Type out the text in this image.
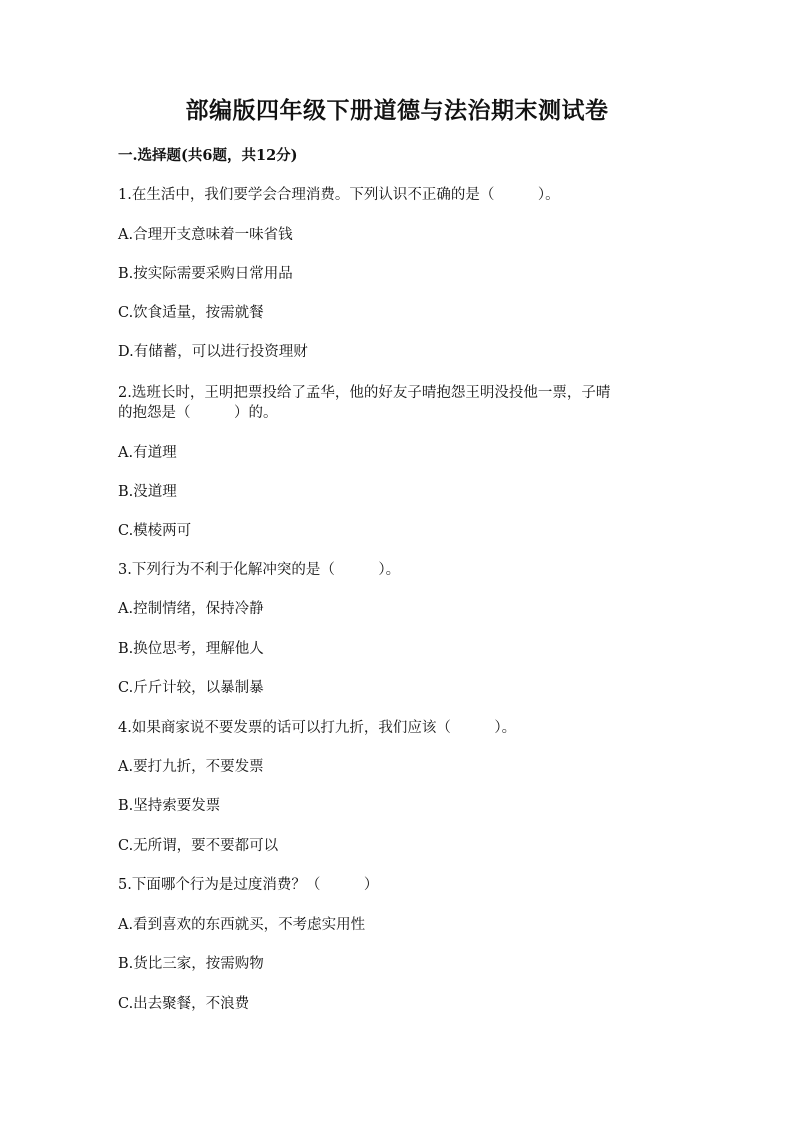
部编版四年级下册道德与法治期末测试卷
一.选择题(共6题，共12分)
1.在生活中，我们要学会合理消费。下列认识不正确的是（　　　）。
A.合理开支意味着一味省钱
B.按实际需要采购日常用品
C.饮食适量，按需就餐
D.有储蓄，可以进行投资理财
2.选班长时，王明把票投给了孟华，他的好友子晴抱怨王明没投他一票，子晴
的抱怨是（　　　）的。
A.有道理
B.没道理
C.模棱两可
3.下列行为不利于化解冲突的是（　　　）。
A.控制情绪，保持冷静
B.换位思考，理解他人
C.斤斤计较，以暴制暴
4.如果商家说不要发票的话可以打九折，我们应该（　　　）。
A.要打九折，不要发票
B.坚持索要发票
C.无所谓，要不要都可以
5.下面哪个行为是过度消费？（　　　）
A.看到喜欢的东西就买，不考虑实用性
B.货比三家，按需购物
C.出去聚餐，不浪费
